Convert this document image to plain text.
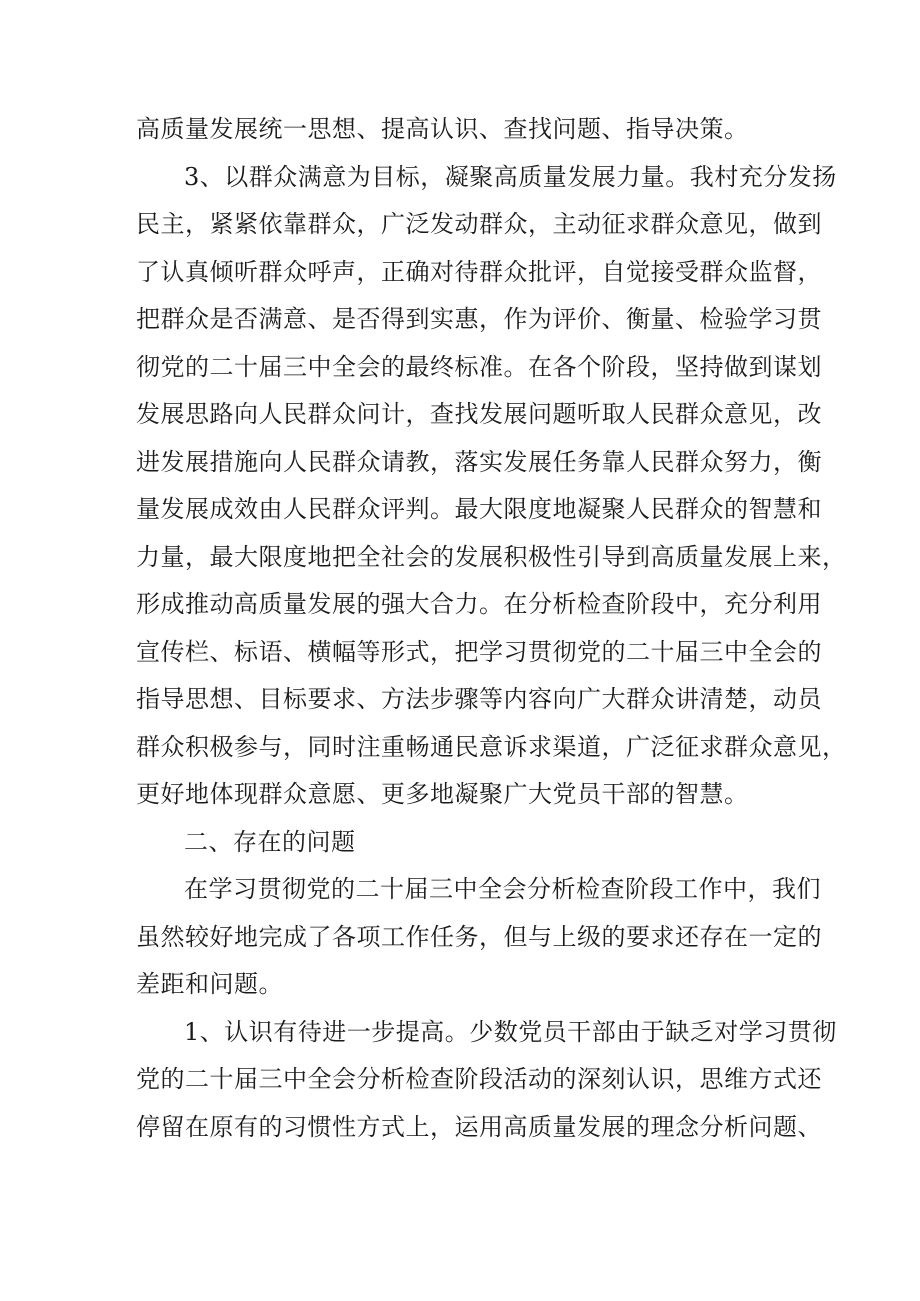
高质量发展统一思想、提高认识、查找问题、指导决策。
3、以群众满意为目标，凝聚高质量发展力量。我村充分发扬
民主，紧紧依靠群众，广泛发动群众，主动征求群众意见，做到
了认真倾听群众呼声，正确对待群众批评，自觉接受群众监督，
把群众是否满意、是否得到实惠，作为评价、衡量、检验学习贯
彻党的二十届三中全会的最终标准。在各个阶段，坚持做到谋划
发展思路向人民群众问计，查找发展问题听取人民群众意见，改
进发展措施向人民群众请教，落实发展任务靠人民群众努力，衡
量发展成效由人民群众评判。最大限度地凝聚人民群众的智慧和
力量，最大限度地把全社会的发展积极性引导到高质量发展上来，
形成推动高质量发展的强大合力。在分析检查阶段中，充分利用
宣传栏、标语、横幅等形式，把学习贯彻党的二十届三中全会的
指导思想、目标要求、方法步骤等内容向广大群众讲清楚，动员
群众积极参与，同时注重畅通民意诉求渠道，广泛征求群众意见，
更好地体现群众意愿、更多地凝聚广大党员干部的智慧。
二、存在的问题
在学习贯彻党的二十届三中全会分析检查阶段工作中，我们
虽然较好地完成了各项工作任务，但与上级的要求还存在一定的
差距和问题。
1、认识有待进一步提高。少数党员干部由于缺乏对学习贯彻
党的二十届三中全会分析检查阶段活动的深刻认识，思维方式还
停留在原有的习惯性方式上，运用高质量发展的理念分析问题、
